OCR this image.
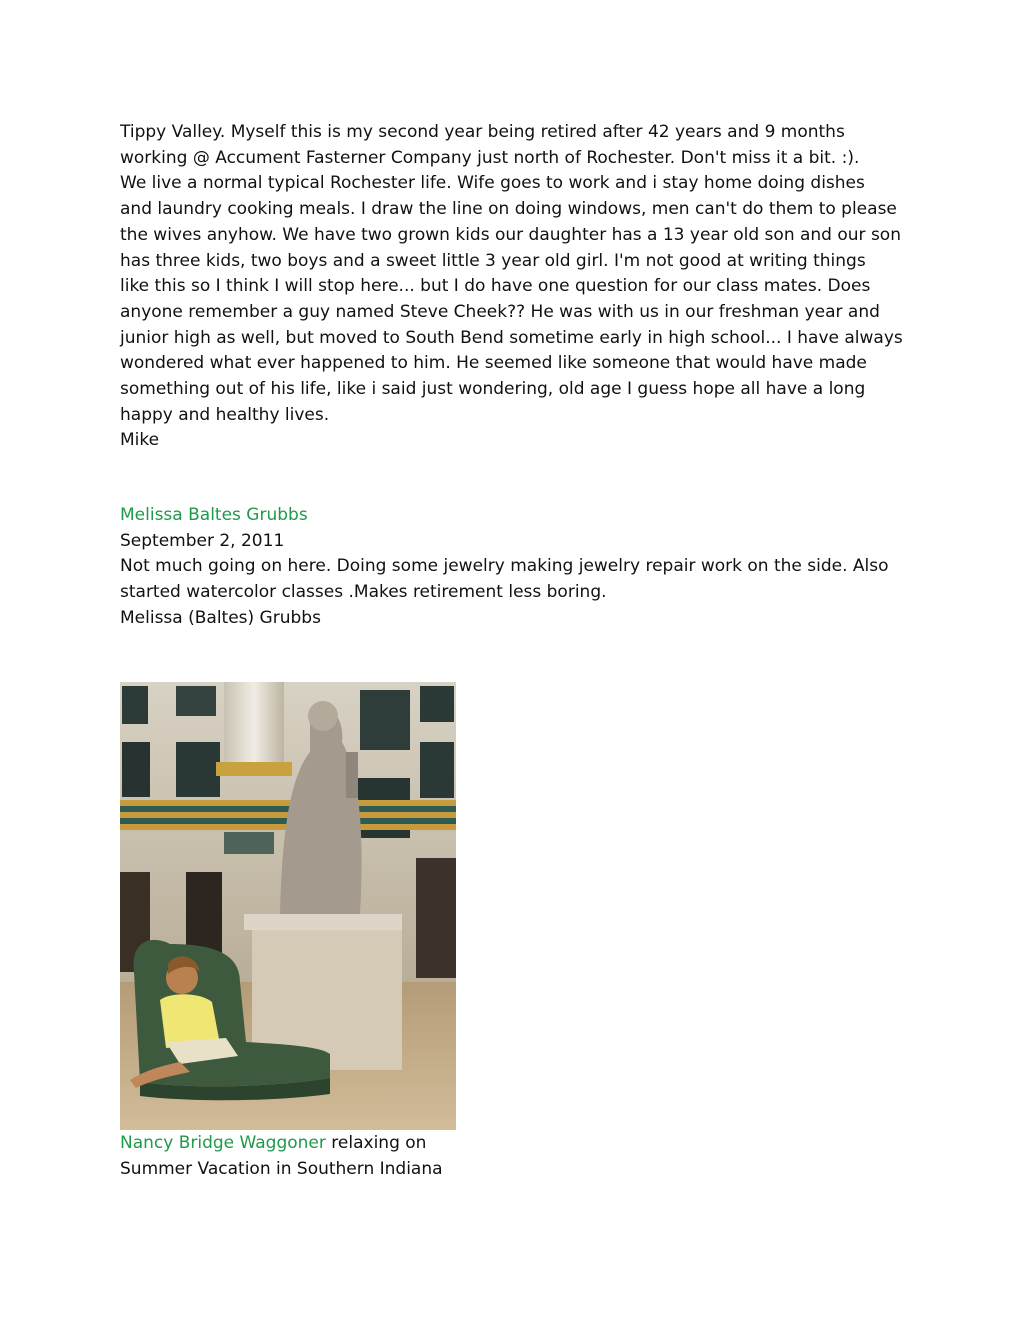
Tippy Valley. Myself this is my second year being retired after 42 years and 9 months
working @ Accument Fasterner Company just north of Rochester. Don't miss it a bit. :).
We live a normal typical Rochester life. Wife goes to work and i stay home doing dishes
and laundry cooking meals. I draw the line on doing windows, men can't do them to please
the wives anyhow. We have two grown kids our daughter has a 13 year old son and our son
has three kids, two boys and a sweet little 3 year old girl. I'm not good at writing things
like this so I think I will stop here... but I do have one question for our class mates. Does
anyone remember a guy named Steve Cheek?? He was with us in our freshman year and
junior high as well, but moved to South Bend sometime early in high school... I have always
wondered what ever happened to him. He seemed like someone that would have made
something out of his life, like i said just wondering, old age I guess hope all have a long
happy and healthy lives.
Mike
Melissa Baltes Grubbs
September 2, 2011
Not much going on here. Doing some jewelry making jewelry repair work on the side. Also
started watercolor classes .Makes retirement less boring.
Melissa (Baltes) Grubbs
Nancy Bridge Waggoner relaxing on
Summer Vacation in Southern Indiana
